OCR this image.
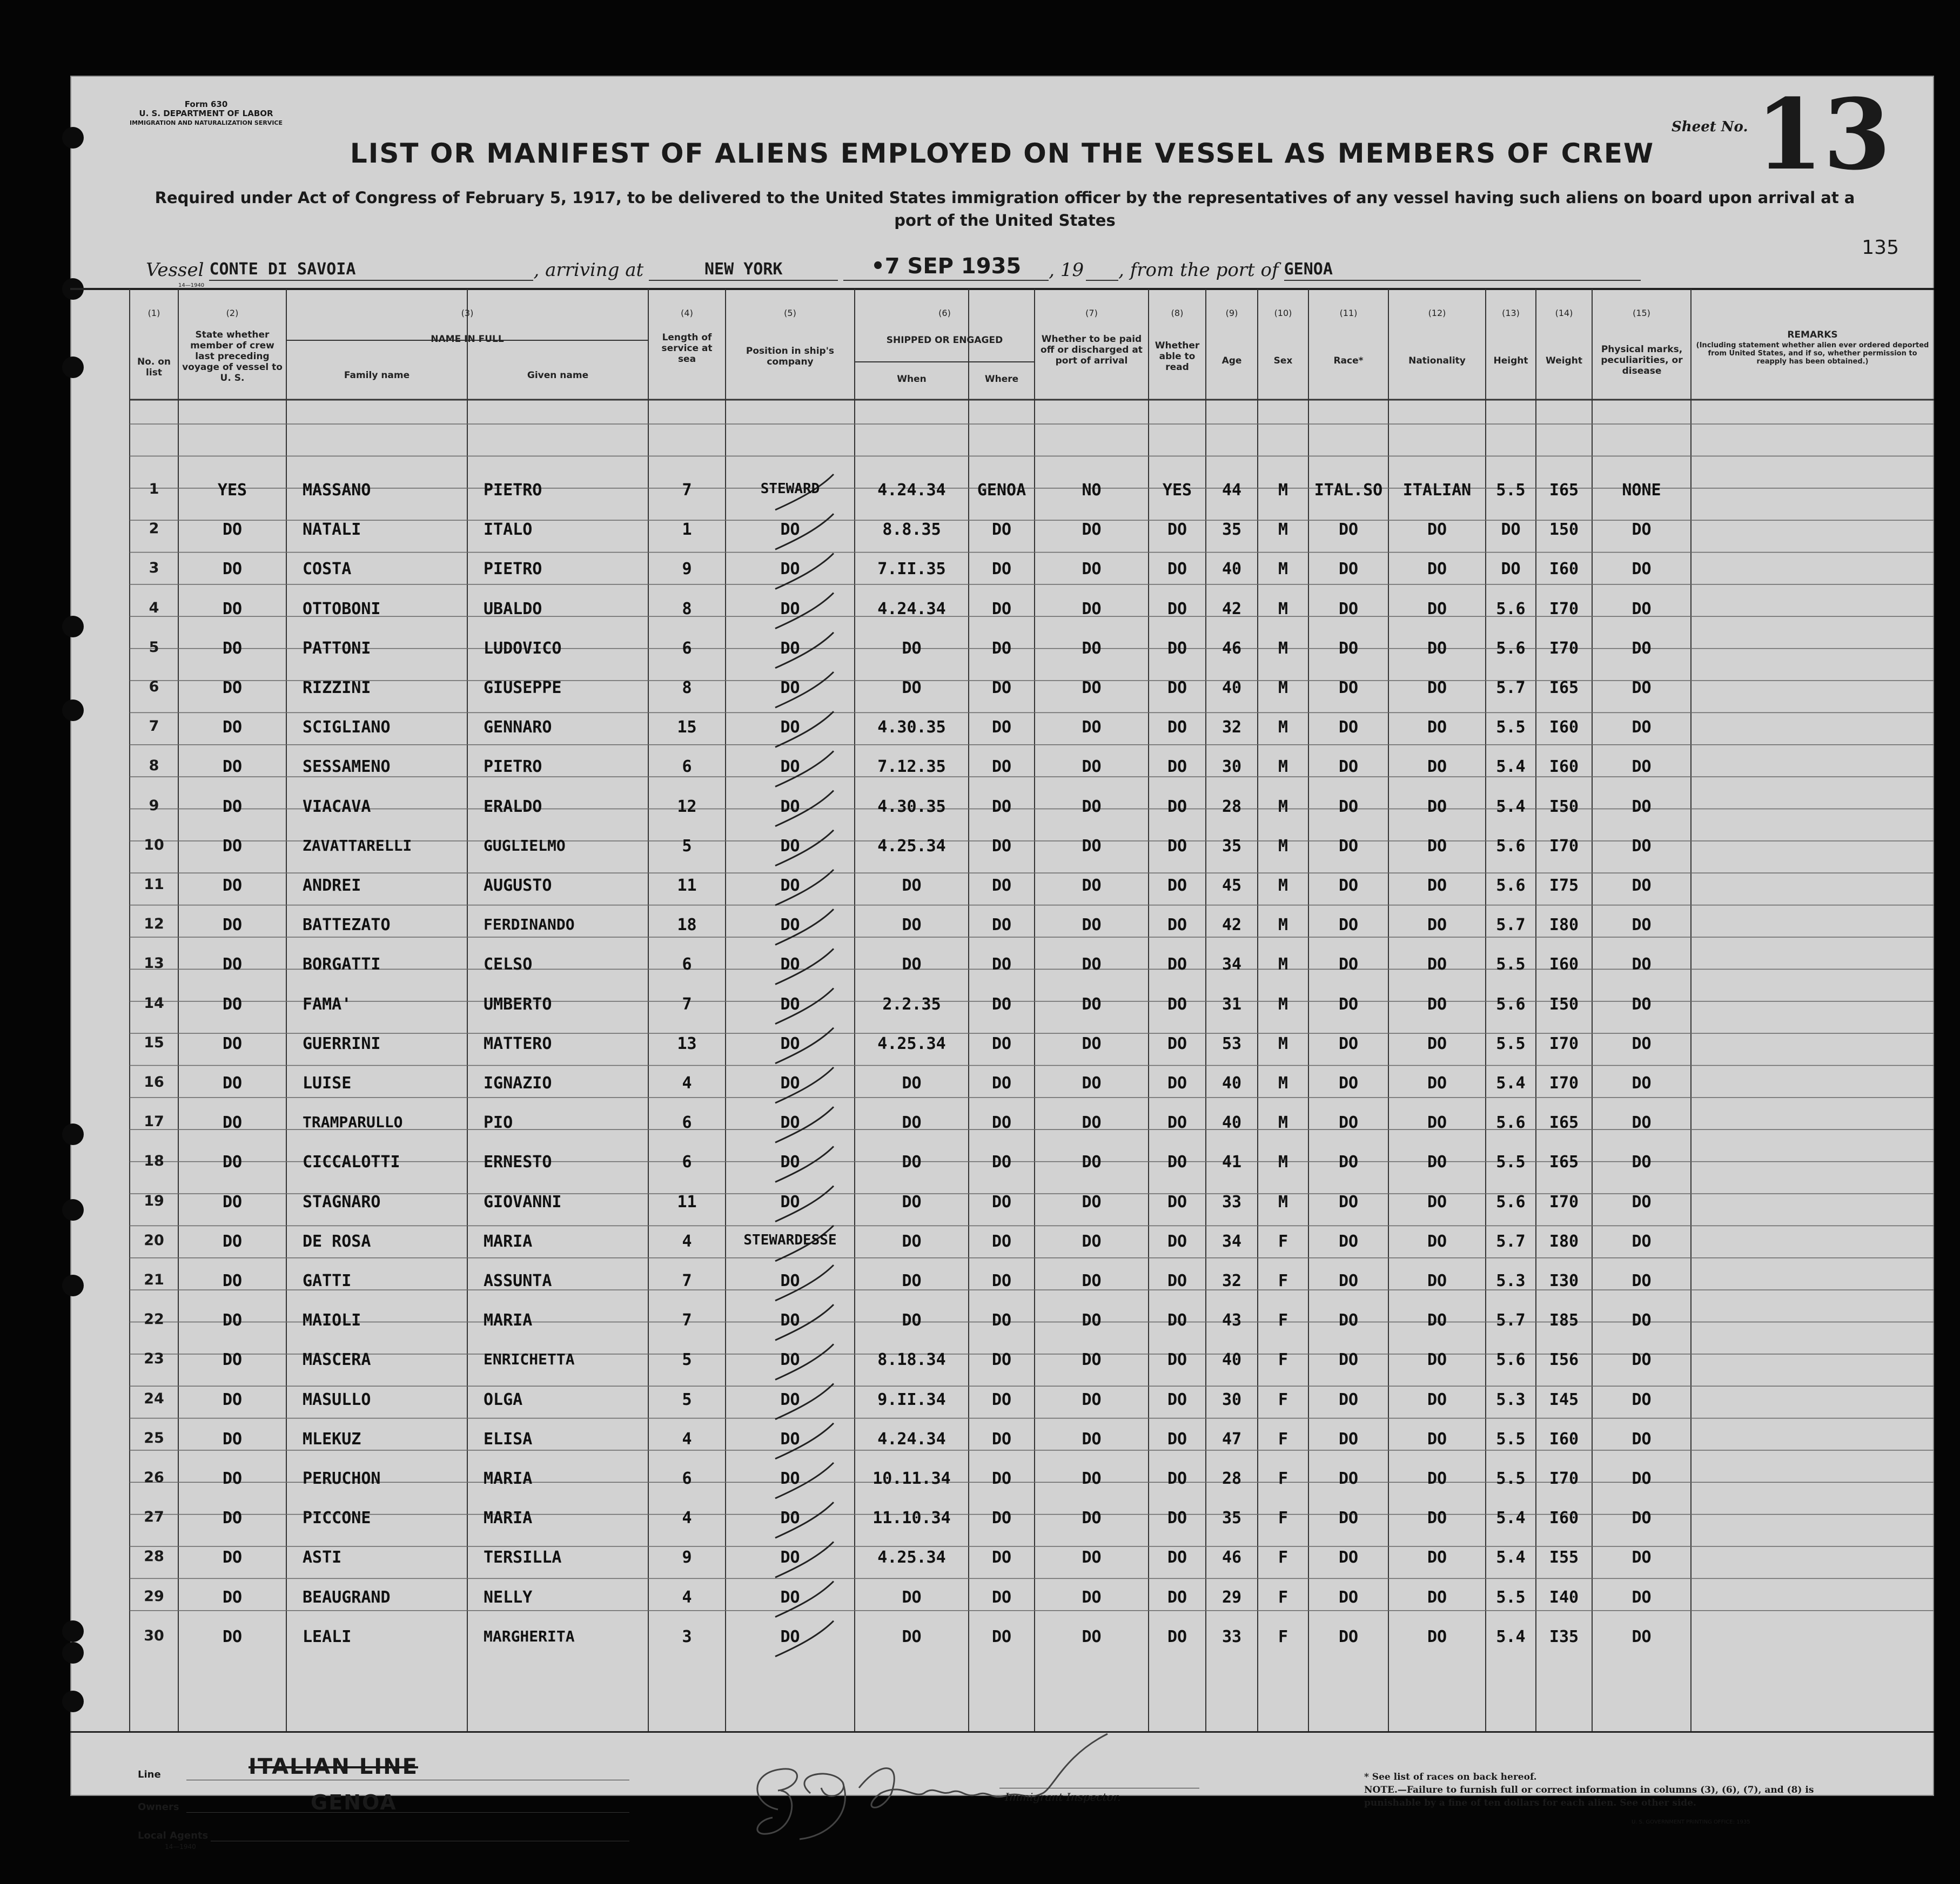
Form 630
U. S. DEPARTMENT OF LABOR
IMMIGRATION AND NATURALIZATION SERVICE	Sheet No. 13
LIST OR MANIFEST OF ALIENS EMPLOYED ON THE VESSEL AS MEMBERS OF CREW
Required under Act of Congress of February 5, 1917, to be delivered to the United States immigration officer by the representatives of any vessel having such aliens on board upon arrival at a port of the United States
135
Vessel CONTE DI SAVOIA	, arriving at	NEW YORK	•7 SEP 1935	, 19 , from the port of GENOA
14—1940
(1)	(2)	(3)	(4)	(5)	(6)	(7)	(8)	(9)	(10)	(11)	(12)	(13)	(14)	(15)
No. on list
State whether member of crew last preceding voyage of vessel to U. S.
NAME IN FULL
Family name	Given name
Length of service at sea
Position in ship's company
SHIPPED OR ENGAGED
When	Where
Whether to be paid off or discharged at port of arrival
Whether able to read
Age	Sex	Race*	Nationality	Height	Weight
Physical marks, peculiarities, or disease
REMARKS
(Including statement whether alien ever ordered deported from United States, and if so, whether permission to reapply has been obtained.)
1	YES	MASSANO	PIETRO	7	STEWARD	4.24.34	GENOA	NO	YES	44	M	ITAL.SO	ITALIAN	5.5	I65	NONE
2	DO	NATALI	ITALO	1	DO	8.8.35	DO	DO	DO	35	M	DO	DO	DO	150	DO
3	DO	COSTA	PIETRO	9	DO	7.II.35	DO	DO	DO	40	M	DO	DO	DO	I60	DO
4	DO	OTTOBONI	UBALDO	8	DO	4.24.34	DO	DO	DO	42	M	DO	DO	5.6	I70	DO
5	DO	PATTONI	LUDOVICO	6	DO	DO	DO	DO	DO	46	M	DO	DO	5.6	I70	DO
6	DO	RIZZINI	GIUSEPPE	8	DO	DO	DO	DO	DO	40	M	DO	DO	5.7	I65	DO
7	DO	SCIGLIANO	GENNARO	15	DO	4.30.35	DO	DO	DO	32	M	DO	DO	5.5	I60	DO
8	DO	SESSAMENO	PIETRO	6	DO	7.12.35	DO	DO	DO	30	M	DO	DO	5.4	I60	DO
9	DO	VIACAVA	ERALDO	12	DO	4.30.35	DO	DO	DO	28	M	DO	DO	5.4	I50	DO
10	DO	ZAVATTARELLI	GUGLIELMO	5	DO	4.25.34	DO	DO	DO	35	M	DO	DO	5.6	I70	DO
11	DO	ANDREI	AUGUSTO	11	DO	DO	DO	DO	DO	45	M	DO	DO	5.6	I75	DO
12	DO	BATTEZATO	FERDINANDO	18	DO	DO	DO	DO	DO	42	M	DO	DO	5.7	I80	DO
13	DO	BORGATTI	CELSO	6	DO	DO	DO	DO	DO	34	M	DO	DO	5.5	I60	DO
14	DO	FAMA'	UMBERTO	7	DO	2.2.35	DO	DO	DO	31	M	DO	DO	5.6	I50	DO
15	DO	GUERRINI	MATTERO	13	DO	4.25.34	DO	DO	DO	53	M	DO	DO	5.5	I70	DO
16	DO	LUISE	IGNAZIO	4	DO	DO	DO	DO	DO	40	M	DO	DO	5.4	I70	DO
17	DO	TRAMPARULLO	PIO	6	DO	DO	DO	DO	DO	40	M	DO	DO	5.6	I65	DO
18	DO	CICCALOTTI	ERNESTO	6	DO	DO	DO	DO	DO	41	M	DO	DO	5.5	I65	DO
19	DO	STAGNARO	GIOVANNI	11	DO	DO	DO	DO	DO	33	M	DO	DO	5.6	I70	DO
20	DO	DE ROSA	MARIA	4	STEWARDESSE	DO	DO	DO	DO	34	F	DO	DO	5.7	I80	DO
21	DO	GATTI	ASSUNTA	7	DO	DO	DO	DO	DO	32	F	DO	DO	5.3	I30	DO
22	DO	MAIOLI	MARIA	7	DO	DO	DO	DO	DO	43	F	DO	DO	5.7	I85	DO
23	DO	MASCERA	ENRICHETTA	5	DO	8.18.34	DO	DO	DO	40	F	DO	DO	5.6	I56	DO
24	DO	MASULLO	OLGA	5	DO	9.II.34	DO	DO	DO	30	F	DO	DO	5.3	I45	DO
25	DO	MLEKUZ	ELISA	4	DO	4.24.34	DO	DO	DO	47	F	DO	DO	5.5	I60	DO
26	DO	PERUCHON	MARIA	6	DO	10.11.34	DO	DO	DO	28	F	DO	DO	5.5	I70	DO
27	DO	PICCONE	MARIA	4	DO	11.10.34	DO	DO	DO	35	F	DO	DO	5.4	I60	DO
28	DO	ASTI	TERSILLA	9	DO	4.25.34	DO	DO	DO	46	F	DO	DO	5.4	I55	DO
29	DO	BEAUGRAND	NELLY	4	DO	DO	DO	DO	DO	29	F	DO	DO	5.5	I40	DO
30	DO	LEALI	MARGHERITA	3	DO	DO	DO	DO	DO	33	F	DO	DO	5.4	I35	DO
Line	ITALIAN LINE
Owners	GENOA
Local Agents
14—1940
G.S.German
Immigrant Inspector.
* See list of races on back hereof.
NOTE.—Failure to furnish full or correct information in columns (3), (6), (7), and (8) is punishable by a fine of ten dollars for each alien. See other side.
U. S. GOVERNMENT PRINTING OFFICE: 1935
